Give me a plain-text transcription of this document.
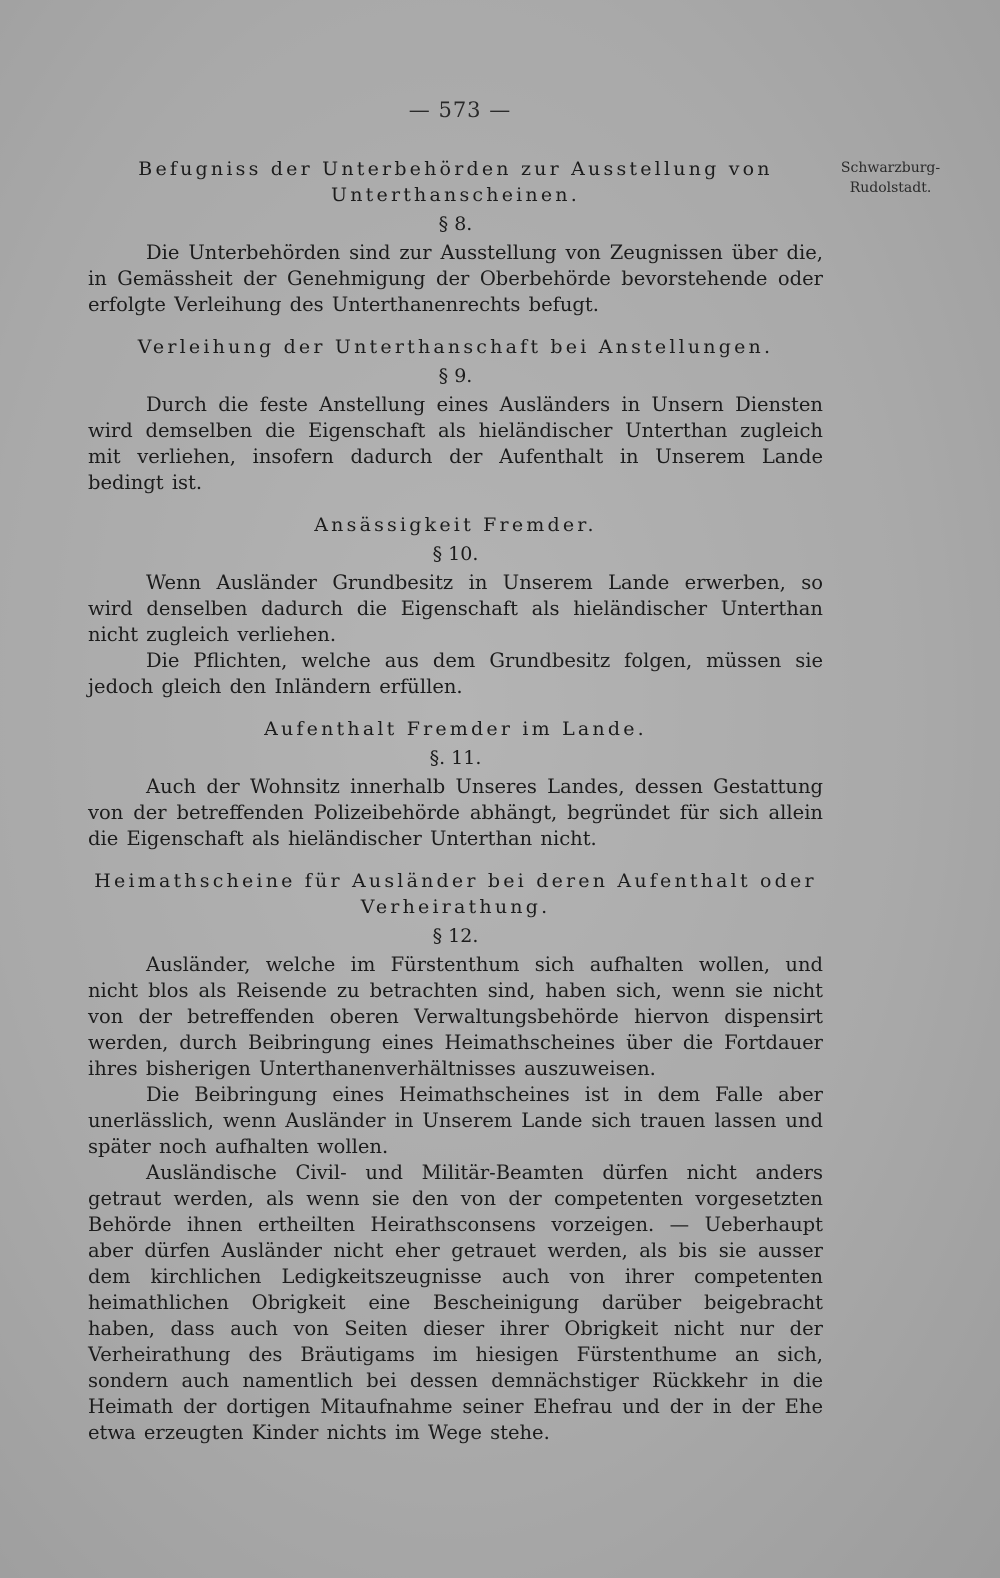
— 573 —
Schwarzburg-
Rudolstadt.

Befugniss der Unterbehörden zur Ausstellung von Unterthanscheinen.

§ 8.

Die Unterbehörden sind zur Ausstellung von Zeugnissen über die, in Gemässheit der Genehmigung der Oberbehörde bevorstehende oder erfolgte Verleihung des Unterthanenrechts befugt.

Verleihung der Unterthanschaft bei Anstellungen.

§ 9.

Durch die feste Anstellung eines Ausländers in Unsern Diensten wird demselben die Eigenschaft als hieländischer Unterthan zugleich mit verliehen, insofern dadurch der Aufenthalt in Unserem Lande bedingt ist.

Ansässigkeit Fremder.

§ 10.

Wenn Ausländer Grundbesitz in Unserem Lande erwerben, so wird denselben dadurch die Eigenschaft als hieländischer Unterthan nicht zugleich verliehen.

Die Pflichten, welche aus dem Grundbesitz folgen, müssen sie jedoch gleich den Inländern erfüllen.

Aufenthalt Fremder im Lande.

§. 11.

Auch der Wohnsitz innerhalb Unseres Landes, dessen Gestattung von der betreffenden Polizeibehörde abhängt, begründet für sich allein die Eigenschaft als hieländischer Unterthan nicht.

Heimathscheine für Ausländer bei deren Aufenthalt oder Verheirathung.

§ 12.

Ausländer, welche im Fürstenthum sich aufhalten wollen, und nicht blos als Reisende zu betrachten sind, haben sich, wenn sie nicht von der betreffenden oberen Verwaltungsbehörde hiervon dispensirt werden, durch Beibringung eines Heimathscheines über die Fortdauer ihres bisherigen Unterthanenverhältnisses auszuweisen.

Die Beibringung eines Heimathscheines ist in dem Falle aber unerlässlich, wenn Ausländer in Unserem Lande sich trauen lassen und später noch aufhalten wollen.

Ausländische Civil- und Militär-Beamten dürfen nicht anders getraut werden, als wenn sie den von der competenten vorgesetzten Behörde ihnen ertheilten Heirathsconsens vorzeigen. — Ueberhaupt aber dürfen Ausländer nicht eher getrauet werden, als bis sie ausser dem kirchlichen Ledigkeitszeugnisse auch von ihrer competenten heimathlichen Obrigkeit eine Bescheinigung darüber beigebracht haben, dass auch von Seiten dieser ihrer Obrigkeit nicht nur der Verheirathung des Bräutigams im hiesigen Fürstenthume an sich, sondern auch namentlich bei dessen demnächstiger Rückkehr in die Heimath der dortigen Mitaufnahme seiner Ehefrau und der in der Ehe etwa erzeugten Kinder nichts im Wege stehe.
